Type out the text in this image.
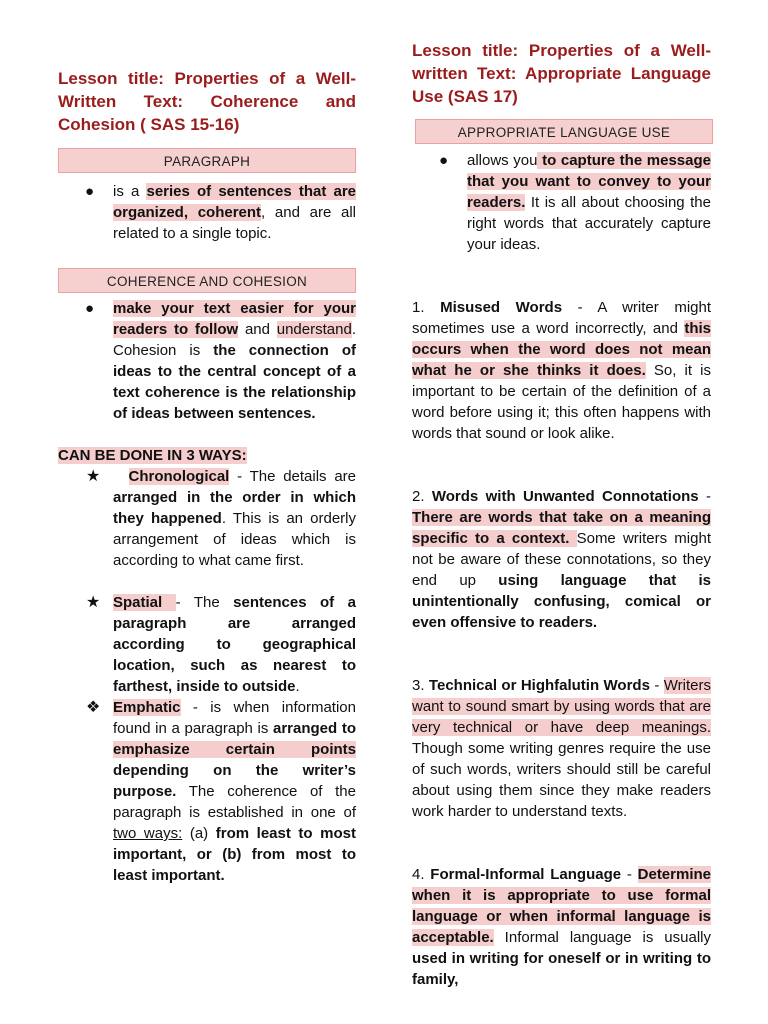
Lesson title: Properties of a Well-Written Text: Coherence and Cohesion ( SAS 15-16)
PARAGRAPH
● is a series of sentences that are organized, coherent, and are all related to a single topic.

COHERENCE AND COHESION
● make your text easier for your readers to follow and understand. Cohesion is the connection of ideas to the central concept of a text coherence is the relationship of ideas between sentences.

CAN BE DONE IN 3 WAYS:
★	Chronological - The details are arranged in the order in which they happened. This is an orderly arrangement of ideas which is according to what came first.

★ Spatial - The sentences of a paragraph are arranged according to geographical location, such as nearest to farthest, inside to outside.

❖ Emphatic - is when information found in a paragraph is arranged to emphasize certain points depending on the writer’s purpose. The coherence of the paragraph is established in one of two ways: (a) from least to most important, or (b) from most to least important.

Lesson title: Properties of a Well-written Text: Appropriate Language Use (SAS 17)
APPROPRIATE LANGUAGE USE
● allows you to capture the message that you want to convey to your readers. It is all about choosing the right words that accurately capture your ideas.

1. Misused Words - A writer might sometimes use a word incorrectly, and this occurs when the word does not mean what he or she thinks it does. So, it is important to be certain of the definition of a word before using it; this often happens with words that sound or look alike.

2. Words with Unwanted Connotations - There are words that take on a meaning specific to a context. Some writers might not be aware of these connotations, so they end up using language that is unintentionally confusing, comical or even offensive to readers.

3. Technical or Highfalutin Words - Writers want to sound smart by using words that are very technical or have deep meanings. Though some writing genres require the use of such words, writers should still be careful about using them since they make readers work harder to understand texts.

4. Formal-Informal Language - Determine when it is appropriate to use formal language or when informal language is acceptable. Informal language is usually used in writing for oneself or in writing to family,
